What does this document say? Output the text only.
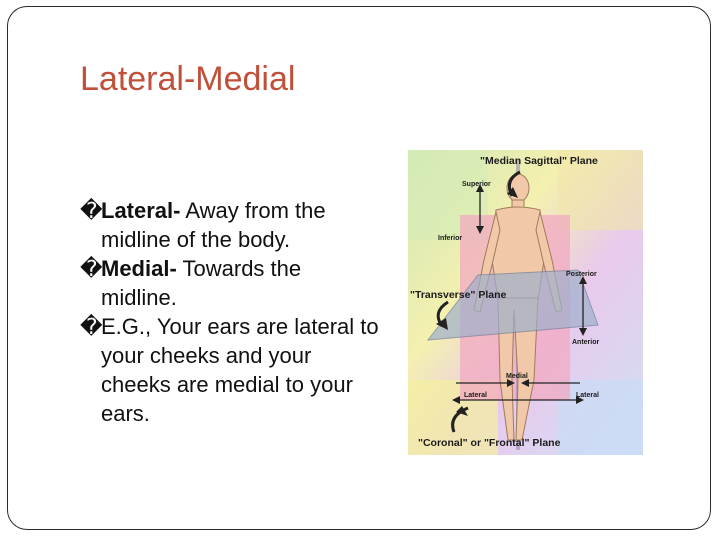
Lateral-Medial
�
Lateral- Away from the midline of the body.
�
Medial- Towards the midline.
�
E.G., Your ears are lateral to your cheeks and your cheeks are medial to your ears.
"Median Sagittal" Plane
Superior
Inferior
Posterior
"Transverse" Plane
Anterior
Medial
Lateral	Lateral
"Coronal" or "Frontal" Plane
